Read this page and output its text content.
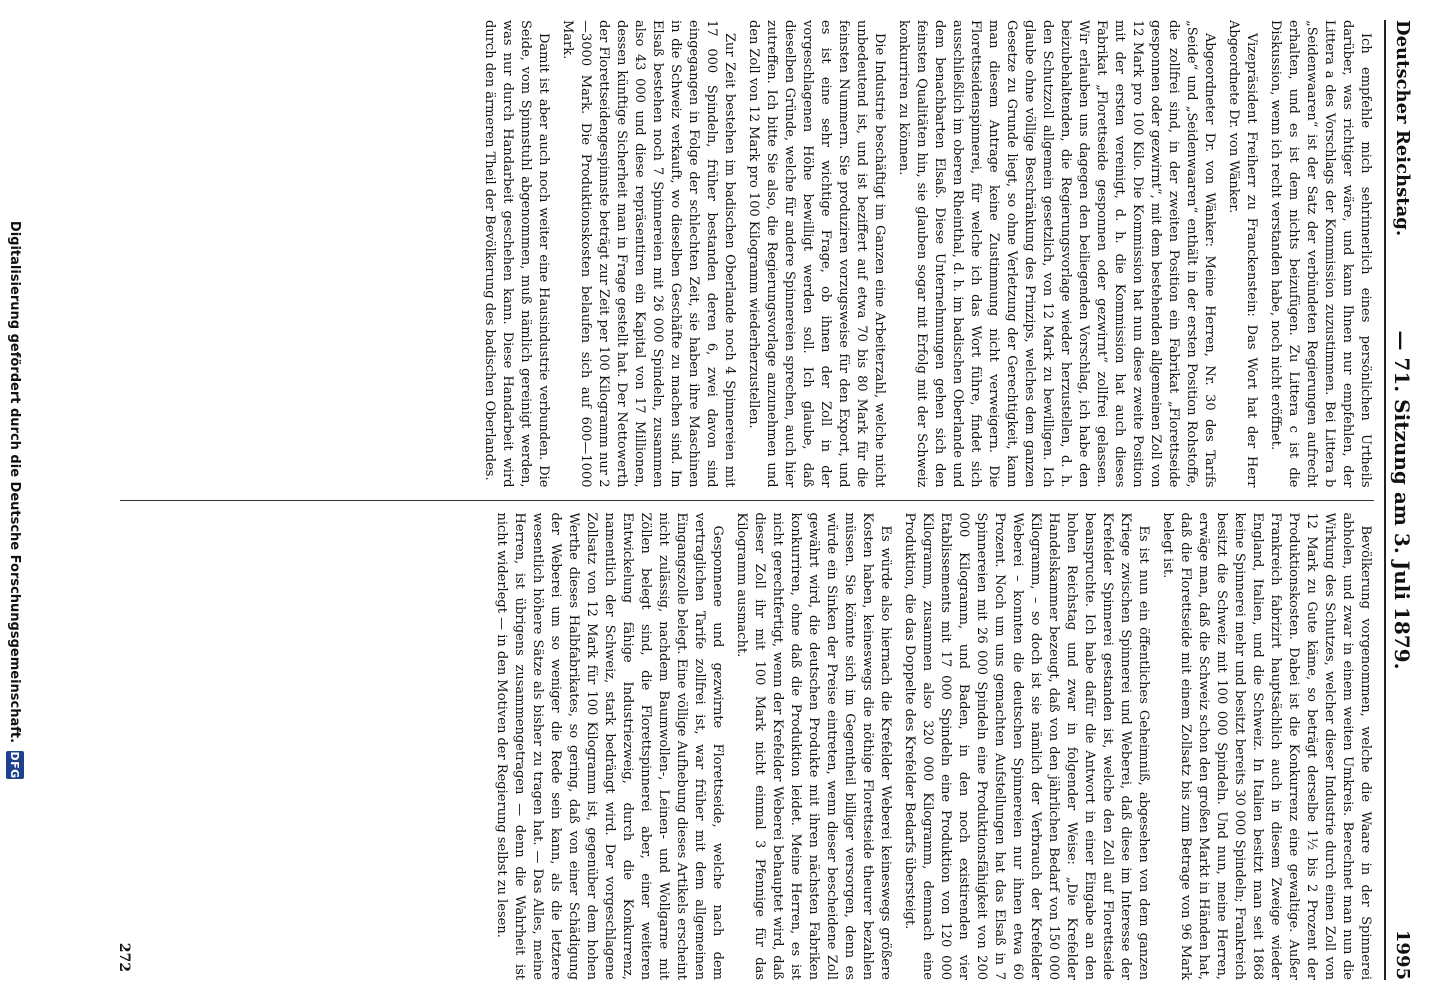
Deutscher Reichstag.
— 71. Sitzung am 3. Juli 1879.
1995

Ich empfehle mich sehrinnerlich eines persönlichen Urtheils darüber, was richtiger wäre, und kann Ihnen nur empfehlen, der Littera a des Vorschlags der Kommission zuzustimmen. Bei Littera b „Seidenwaaren“ ist der Satz der verbündeten Regierungen aufrecht erhalten, und es ist dem nichts beizufügen. Zu Littera c ist die Diskussion, wenn ich recht verstanden habe, noch nicht eröffnet.

Vizepräsident Freiherr zu Franckenstein: Das Wort hat der Herr Abgeordnete Dr. von Wänker.

Abgeordneter Dr. von Wänker: Meine Herren, Nr. 30 des Tarifs „Seide“ und „Seidenwaaren“ enthält in der ersten Position Rohstoffe, die zollfrei sind, in der zweiten Position ein Fabrikat „Florettseide gesponnen oder gezwirnt“, mit dem bestehenden allgemeinen Zoll von 12 Mark pro 100 Kilo. Die Kommission hat nun diese zweite Position mit der ersten vereinigt, d. h. die Kommission hat auch dieses Fabrikat „Florettseide gesponnen oder gezwirnt“ zollfrei gelassen. Wir erlauben uns dagegen den beiliegenden Vorschlag, ich habe den beizubehaltenden, die Regierungsvorlage wieder herzustellen, d. h. den Schutzzoll allgemein gesetzlich, von 12 Mark zu bewilligen. Ich glaube ohne völlige Beschränkung des Prinzips, welches dem ganzen Gesetze zu Grunde liegt, so ohne Verletzung der Gerechtigkeit, kann man diesem Antrage keine Zustimmung nicht verweigern. Die Florettseidenspinnerei, für welche ich das Wort führe, findet sich ausschließlich im oberen Rheinthal, d. h. im badischen Oberlande und dem benachbarten Elsaß. Diese Unternehmungen gehen sich den feinsten Qualitäten hin, sie glauben sogar mit Erfolg mit der Schweiz konkurriren zu können.

Die Industrie beschäftigt im Ganzen eine Arbeiterzahl, welche nicht unbedeutend ist, und ist beziffert auf etwa 70 bis 80 Mark für die feinsten Nummern. Sie produziren vorzugsweise für den Export, und es ist eine sehr wichtige Frage, ob ihnen der Zoll in der vorgeschlagenen Höhe bewilligt werden soll. Ich glaube, daß dieselben Gründe, welche für andere Spinnereien sprechen, auch hier zutreffen. Ich bitte Sie also, die Regierungsvorlage anzunehmen und den Zoll von 12 Mark pro 100 Kilogramm wiederherzustellen.

Zur Zeit bestehen im badischen Oberlande noch 4 Spinnereien mit 17 000 Spindeln, früher bestanden deren 6, zwei davon sind eingegangen in Folge der schlechten Zeit, sie haben ihre Maschinen in die Schweiz verkauft, wo dieselben Geschäfte zu machen sind. Im Elsaß bestehen noch 7 Spinnereien mit 26 000 Spindeln, zusammen also 43 000 und diese repräsentiren ein Kapital von 17 Millionen, dessen künftige Sicherheit man in Frage gestellt hat. Der Nettowerth der Florettseidengespinnste beträgt zur Zeit per 100 Kilogramm nur 2—3000 Mark. Die Produktionskosten belaufen sich auf 600—1000 Mark.

Damit ist aber auch noch weiter eine Hausindustrie verbunden. Die Seide, vom Spinnstuhl abgenommen, muß nämlich gereinigt werden, was nur durch Handarbeit geschehen kann. Diese Handarbeit wird durch den ärmeren Theil der Bevölkerung des badischen Oberlandes.

Bevölkerung vorgenommen, welche die Waare in der Spinnerei abholen, und zwar in einem weiten Umkreis. Berechnet man nun die Wirkung des Schutzes, welcher dieser Industrie durch einen Zoll von 12 Mark zu Gute käme, so beträgt derselbe 1½ bis 2 Prozent der Produktionskosten. Dabei ist die Konkurrenz eine gewaltige. Außer Frankreich fabrizirt hauptsächlich auch in diesem Zweige wieder England, Italien, und die Schweiz. In Italien besitzt man seit 1868 keine Spinnerei mehr und besitzt bereits 30 000 Spindeln; Frankreich besitzt die Schweiz mit 100 000 Spindeln. Und nun, meine Herren, erwäge man, daß die Schweiz schon den großen Markt in Händen hat, daß die Florettseide mit einem Zollsatz bis zum Betrage von 96 Mark belegt ist.

Es ist nun ein öffentliches Geheimniß, abgesehen von dem ganzen Kriege zwischen Spinnerei und Weberei, daß diese im Interesse der Krefelder Spinnerei gestanden ist, welche den Zoll auf Florettseide beanspruchte. Ich habe dafür die Antwort in einer Eingabe an den hohen Reichstag und zwar in folgender Weise: „Die Krefelder Handelskammer bezeugt, daß von den jährlichen Bedarf von 150 000 Kilogramm, – so doch ist sie nämlich der Verbrauch der Krefelder Weberei – konnten die deutschen Spinnereien nur ihnen etwa 60 Prozent. Noch um uns gemachten Aufstellungen hat das Elsaß in 7 Spinnereien mit 26 000 Spindeln eine Produktionsfähigkeit von 200 000 Kilogramm, und Baden, in den noch existirenden vier Etablissements mit 17 000 Spindeln eine Produktion von 120 000 Kilogramm, zusammen also 320 000 Kilogramm, demnach eine Produktion, die das Doppelte des Krefelder Bedarfs übersteigt.

Es würde also hiernach die Krefelder Weberei keineswegs größere Kosten haben, keineswegs die nöthige Florettseide theurer bezahlen müssen. Sie könnte sich im Gegentheil billiger versorgen, denn es würde ein Sinken der Preise eintreten, wenn dieser bescheidene Zoll gewährt wird, die deutschen Produkte mit ihren nächsten Fabriken konkurriren, ohne daß die Produktion leidet. Meine Herren, es ist nicht gerechtfertigt, wenn der Krefelder Weberei behauptet wird, daß dieser Zoll ihr mit 100 Mark nicht einmal 3 Pfennige für das Kilogramm ausmacht.

Gesponnene und gezwirnte Florettseide, welche nach dem vertraglichen Tarife zollfrei ist, war früher mit dem allgemeinen Eingangszolle belegt. Eine völlige Aufhebung dieses Artikels erscheint nicht zulässig, nachdem Baumwollen-, Leinen- und Wollgarne mit Zöllen belegt sind, die Florettspinnerei aber, einer weiteren Entwickelung fähige Industriezweig, durch die Konkurrenz, namentlich der Schweiz, stark bedrängt wird. Der vorgeschlagene Zollsatz von 12 Mark für 100 Kilogramm ist, gegenüber dem hohen Werthe dieses Halbfabrikates, so gering, daß von einer Schädigung der Weberei um so weniger die Rede sein kann, als die letztere wesentlich höhere Sätze als bisher zu tragen hat. — Das Alles, meine Herren, ist übrigens zusammengetragen — denn die Wahrheit ist nicht widerlegt — in den Motiven der Regierung selbst zu lesen.

272
Digitalisierung gefördert durch die Deutsche Forschungsgemeinschaft.
DFG
